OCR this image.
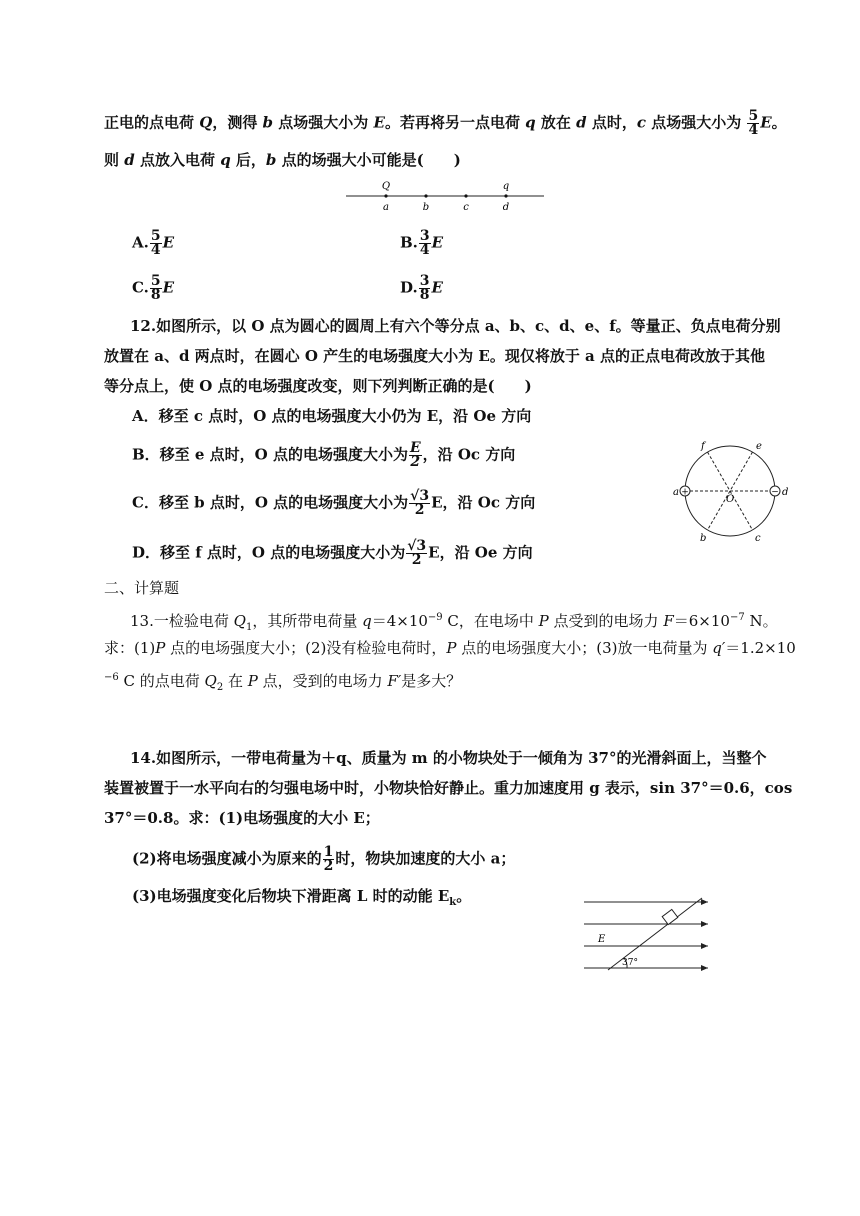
正电的点电荷 Q，测得 b 点场强大小为 E。若再将另一点电荷 q 放在 d 点时，c 点场强大小为 $\frac{5}{4}$ E。
则 d 点放入电荷 q 后，b 点的场强大小可能是(　　)
Q	q
a	b	c	d
A. $\frac{5}{4}$ E	B. $\frac{3}{4}$ E
C. $\frac{5}{8}$ E	D. $\frac{3}{8}$ E
12.如图所示，以 O 点为圆心的圆周上有六个等分点 a、b、c、d、e、f。等量正、负点电荷分别
放置在 a、d 两点时，在圆心 O 产生的电场强度大小为 E。现仅将放于 a 点的正点电荷改放于其他
等分点上，使 O 点的电场强度改变，则下列判断正确的是(　　)
A．移至 c 点时，O 点的电场强度大小仍为 E，沿 Oe 方向
B．移至 e 点时，O 点的电场强度大小为 $\frac{E}{2}$ ，沿 Oc 方向
C．移至 b 点时，O 点的电场强度大小为 $\frac{√3}{2}$ E，沿 Oc 方向
D．移至 f 点时，O 点的电场强度大小为 $\frac{√3}{2}$ E，沿 Oe 方向
+	−
f	e
a	d
b	c
O
二、计算题
13.一检验电荷 $Q_1$，其所带电荷量 $q=4\times 10^{-9}$ C，在电场中 P 点受到的电场力 $F=6\times 10^{-7}$ N。
求：(1)P 点的电场强度大小；(2)没有检验电荷时，P 点的电场强度大小；(3)放一电荷量为 q′＝1.2×10
$^{-6}$ C 的点电荷 $Q_2$ 在 P 点，受到的电场力 F′是多大？
14.如图所示，一带电荷量为＋q、质量为 m 的小物块处于一倾角为 37°的光滑斜面上，当整个
装置被置于一水平向右的匀强电场中时，小物块恰好静止。重力加速度用 g 表示，sin 37°＝0.6，cos
37°＝0.8。求：(1)电场强度的大小 E；
(2)将电场强度减小为原来的 $\frac{1}{2}$ 时，物块加速度的大小 a；
(3)电场强度变化后物块下滑距离 L 时的动能 $E_k$。
E
37°
